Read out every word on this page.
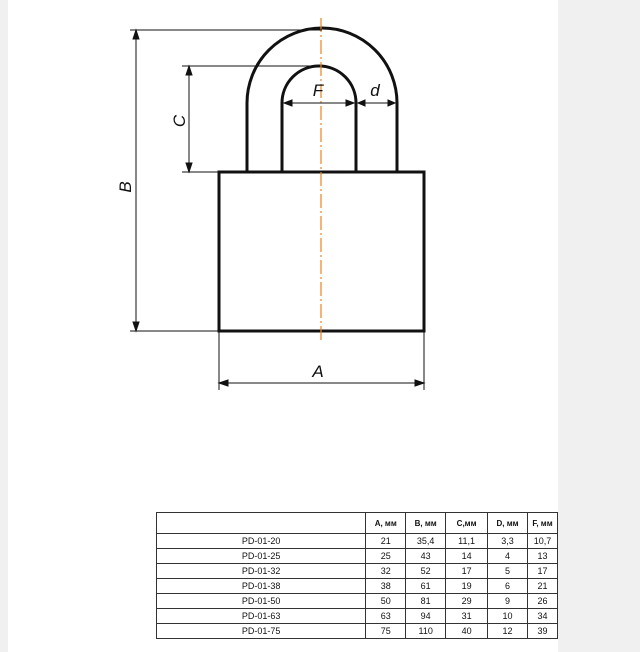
B
C
F	d
A
	A, мм	B, мм	C,мм	D, мм	F, мм
PD-01-20	21	35,4	11,1	3,3	10,7
PD-01-25	25	43	14	4	13
PD-01-32	32	52	17	5	17
PD-01-38	38	61	19	6	21
PD-01-50	50	81	29	9	26
PD-01-63	63	94	31	10	34
PD-01-75	75	110	40	12	39
